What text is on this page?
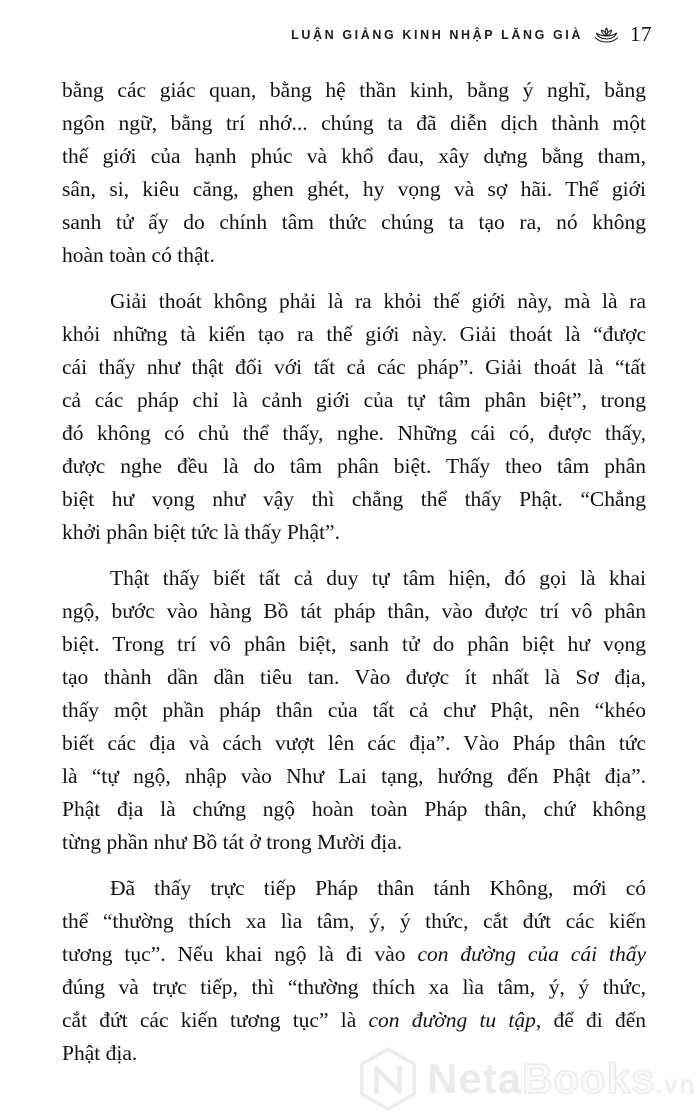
LUẬN GIẢNG KINH NHẬP LĂNG GIÀ 17
bằng các giác quan, bằng hệ thần kinh, bằng ý nghĩ, bằng
ngôn ngữ, bằng trí nhớ... chúng ta đã diễn dịch thành một
thế giới của hạnh phúc và khổ đau, xây dựng bằng tham,
sân, si, kiêu căng, ghen ghét, hy vọng và sợ hãi. Thế giới
sanh tử ấy do chính tâm thức chúng ta tạo ra, nó không
hoàn toàn có thật.
Giải thoát không phải là ra khỏi thế giới này, mà là ra
khỏi những tà kiến tạo ra thế giới này. Giải thoát là “được
cái thấy như thật đối với tất cả các pháp”. Giải thoát là “tất
cả các pháp chỉ là cảnh giới của tự tâm phân biệt”, trong
đó không có chủ thể thấy, nghe. Những cái có, được thấy,
được nghe đều là do tâm phân biệt. Thấy theo tâm phân
biệt hư vọng như vậy thì chẳng thể thấy Phật. “Chẳng
khởi phân biệt tức là thấy Phật”.
Thật thấy biết tất cả duy tự tâm hiện, đó gọi là khai
ngộ, bước vào hàng Bồ tát pháp thân, vào được trí vô phân
biệt. Trong trí vô phân biệt, sanh tử do phân biệt hư vọng
tạo thành dần dần tiêu tan. Vào được ít nhất là Sơ địa,
thấy một phần pháp thân của tất cả chư Phật, nên “khéo
biết các địa và cách vượt lên các địa”. Vào Pháp thân tức
là “tự ngộ, nhập vào Như Lai tạng, hướng đến Phật địa”.
Phật địa là chứng ngộ hoàn toàn Pháp thân, chứ không
từng phần như Bồ tát ở trong Mười địa.
Đã thấy trực tiếp Pháp thân tánh Không, mới có
thể “thường thích xa lìa tâm, ý, ý thức, cắt đứt các kiến
tương tục”. Nếu khai ngộ là đi vào con đường của cái thấy
đúng và trực tiếp, thì “thường thích xa lìa tâm, ý, ý thức,
cắt đứt các kiến tương tục” là con đường tu tập, để đi đến
Phật địa.
NetaBooks.vn
